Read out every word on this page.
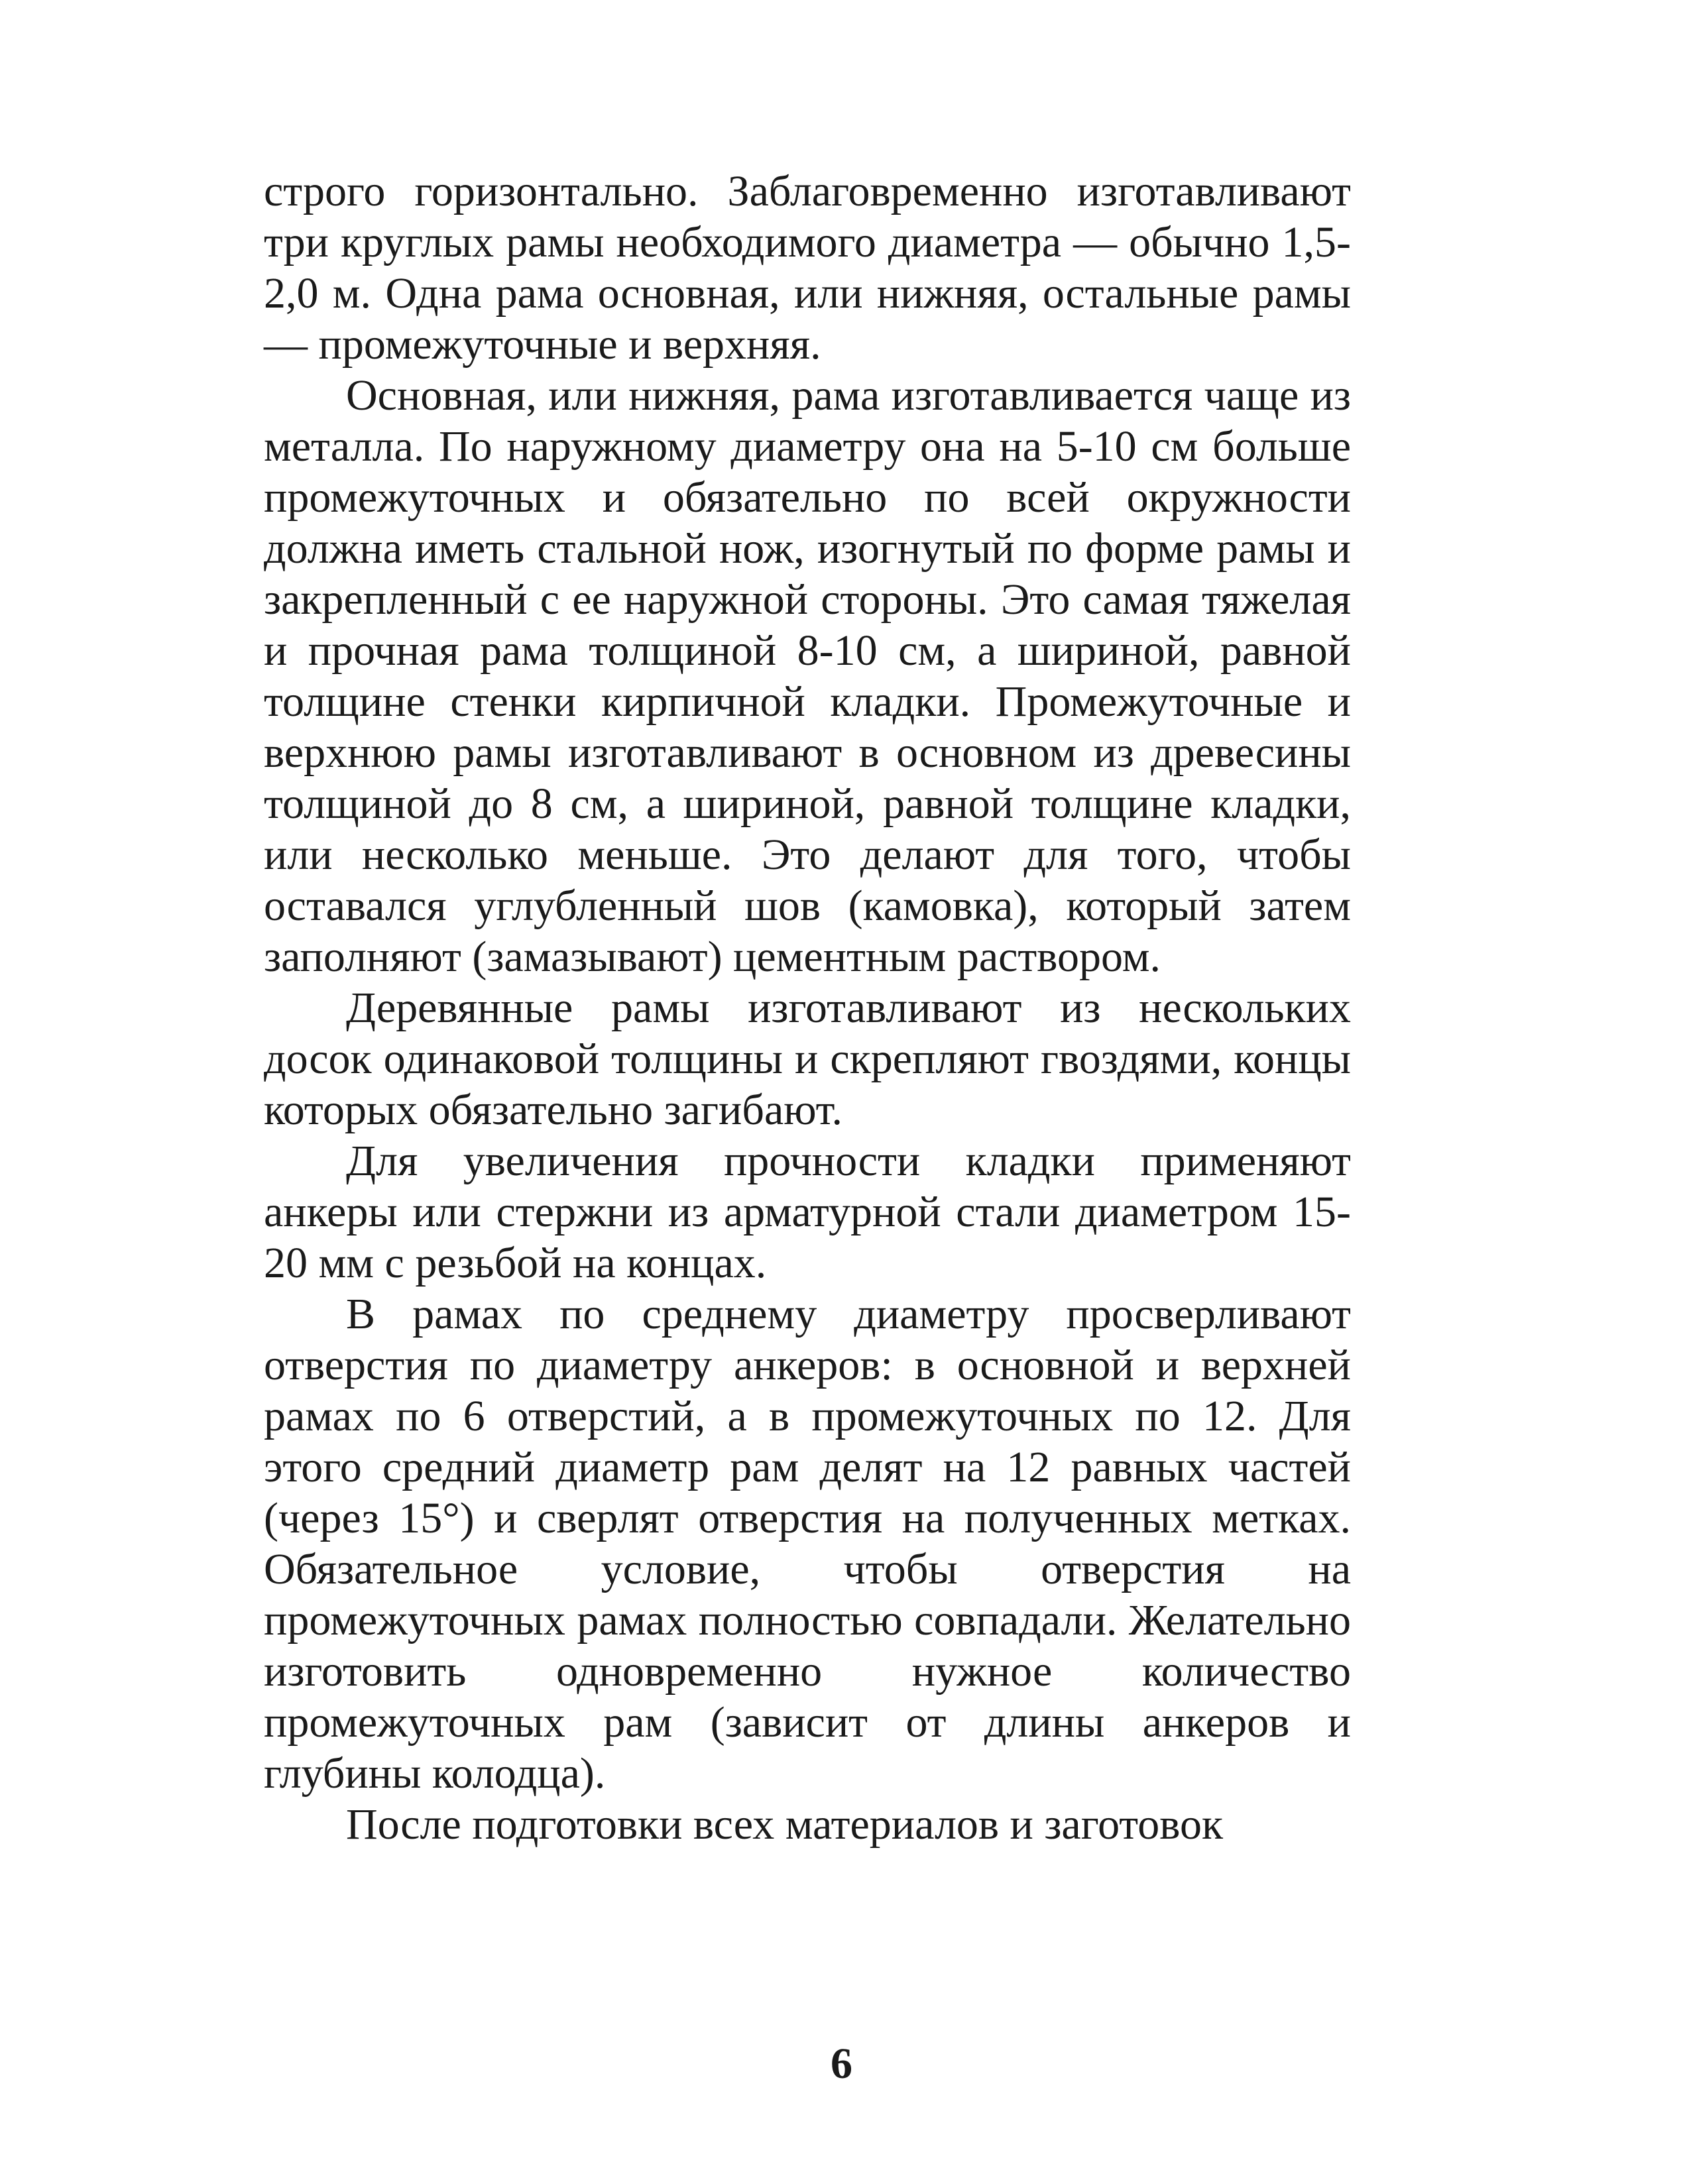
строго горизонтально. Заблаговременно изготавливают три круглых рамы необходимого диаметра — обычно 1,5-2,0 м. Одна рама основная, или нижняя, остальные рамы — промежуточные и верхняя.

Основная, или нижняя, рама изготавливается чаще из металла. По наружному диаметру она на 5-10 см больше промежуточных и обязательно по всей окружности должна иметь стальной нож, изогнутый по форме рамы и закрепленный с ее наружной стороны. Это самая тяжелая и прочная рама толщиной 8-10 см, а шириной, равной толщине стенки кирпичной кладки. Промежуточные и верхнюю рамы изготавливают в основном из древесины толщиной до 8 см, а шириной, равной толщине кладки, или несколько меньше. Это делают для того, чтобы оставался углубленный шов (камовка), который затем заполняют (замазывают) цементным раствором.

Деревянные рамы изготавливают из нескольких досок одинаковой толщины и скрепляют гвоздями, концы которых обязательно загибают.

Для увеличения прочности кладки применяют анкеры или стержни из арматурной стали диаметром 15-20 мм с резьбой на концах.

В рамах по среднему диаметру просверливают отверстия по диаметру анкеров: в основной и верхней рамах по 6 отверстий, а в промежуточных по 12. Для этого средний диаметр рам делят на 12 равных частей (через 15°) и сверлят отверстия на полученных метках. Обязательное условие, чтобы отверстия на промежуточных рамах полностью совпадали. Желательно изготовить одновременно нужное количество промежуточных рам (зависит от длины анкеров и глубины колодца).

После подготовки всех материалов и заготовок

6
